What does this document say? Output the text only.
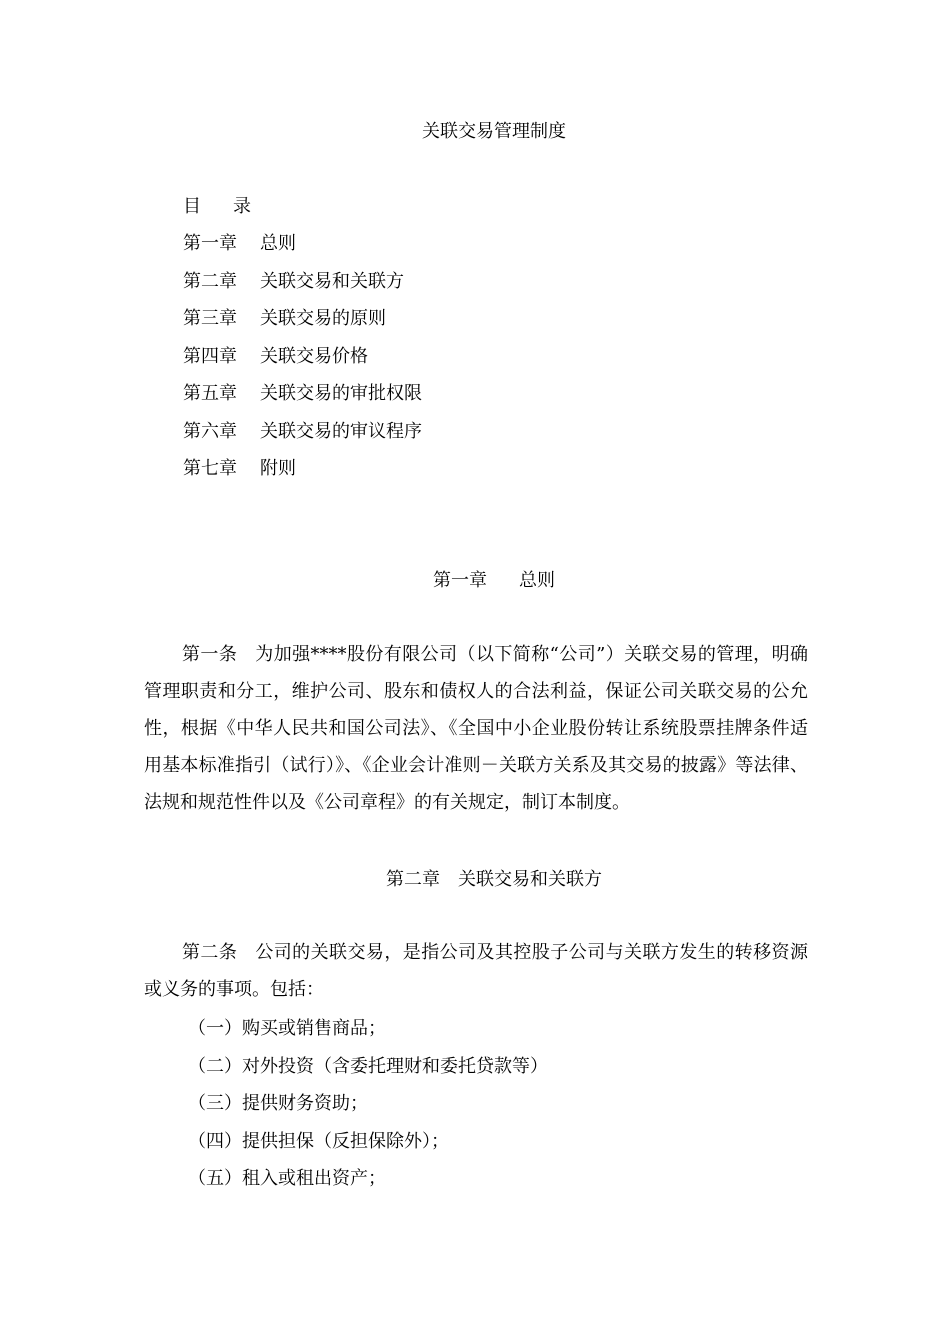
关联交易管理制度
目 录
第一章 总则
第二章 关联交易和关联方
第三章 关联交易的原则
第四章 关联交易价格
第五章 关联交易的审批权限
第六章 关联交易的审议程序
第七章 附则
第一章 总则
第一条 为加强****股份有限公司（以下简称“公司”）关联交易的管理，明确管理职责和分工，维护公司、股东和债权人的合法利益，保证公司关联交易的公允性，根据《中华人民共和国公司法》、《全国中小企业股份转让系统股票挂牌条件适用基本标准指引（试行）》、《企业会计准则－关联方关系及其交易的披露》等法律、法规和规范性件以及《公司章程》的有关规定，制订本制度。
第二章 关联交易和关联方
第二条 公司的关联交易，是指公司及其控股子公司与关联方发生的转移资源或义务的事项。包括：
（一）购买或销售商品；
（二）对外投资（含委托理财和委托贷款等）
（三）提供财务资助；
（四）提供担保（反担保除外）；
（五）租入或租出资产；
